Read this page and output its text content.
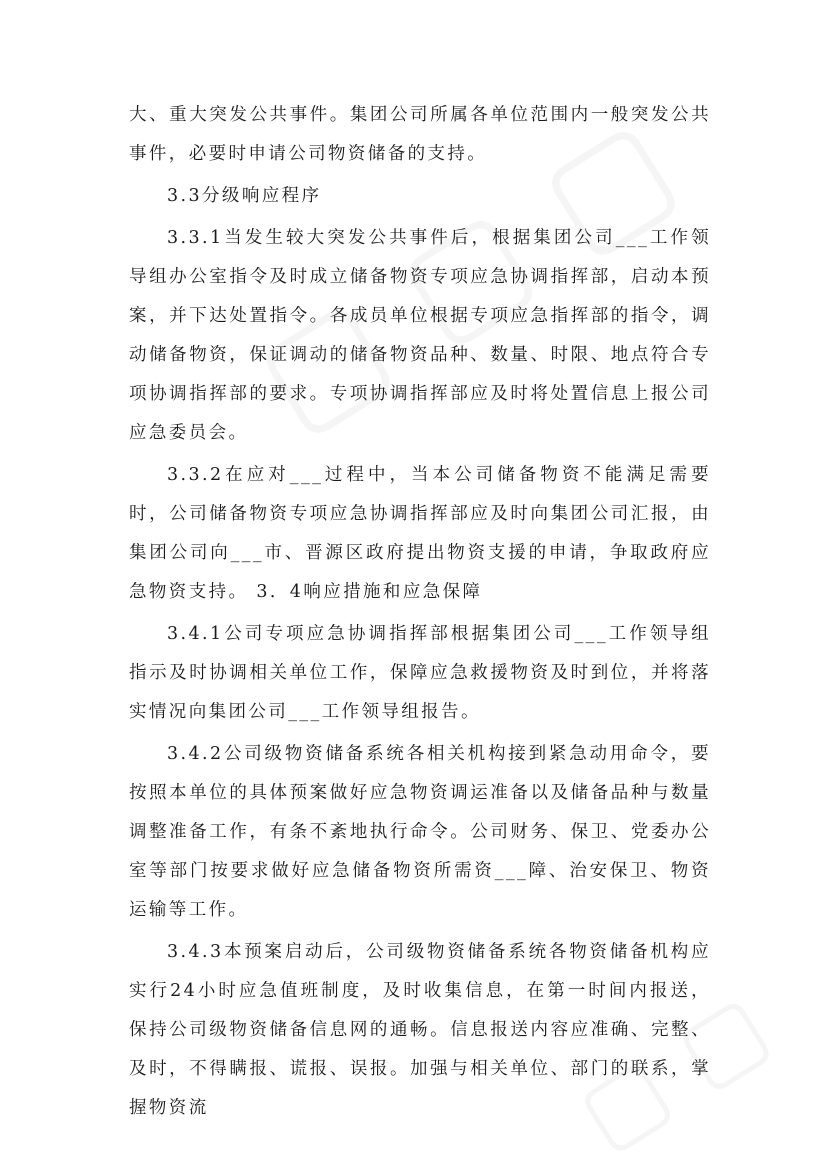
大、重大突发公共事件。集团公司所属各单位范围内一般突发公共事件，必要时申请公司物资储备的支持。

3.3分级响应程序

3.3.1当发生较大突发公共事件后，根据集团公司___工作领导组办公室指令及时成立储备物资专项应急协调指挥部，启动本预案，并下达处置指令。各成员单位根据专项应急指挥部的指令，调动储备物资，保证调动的储备物资品种、数量、时限、地点符合专项协调指挥部的要求。专项协调指挥部应及时将处置信息上报公司应急委员会。

3.3.2在应对___过程中，当本公司储备物资不能满足需要时，公司储备物资专项应急协调指挥部应及时向集团公司汇报，由集团公司向___市、晋源区政府提出物资支援的申请，争取政府应急物资支持。 3．4响应措施和应急保障

3.4.1公司专项应急协调指挥部根据集团公司___工作领导组指示及时协调相关单位工作，保障应急救援物资及时到位，并将落实情况向集团公司___工作领导组报告。

3.4.2公司级物资储备系统各相关机构接到紧急动用命令，要按照本单位的具体预案做好应急物资调运准备以及储备品种与数量调整准备工作，有条不紊地执行命令。公司财务、保卫、党委办公室等部门按要求做好应急储备物资所需资___障、治安保卫、物资运输等工作。

3.4.3本预案启动后，公司级物资储备系统各物资储备机构应实行24小时应急值班制度，及时收集信息，在第一时间内报送，保持公司级物资储备信息网的通畅。信息报送内容应准确、完整、及时，不得瞒报、谎报、误报。加强与相关单位、部门的联系，掌握物资流
